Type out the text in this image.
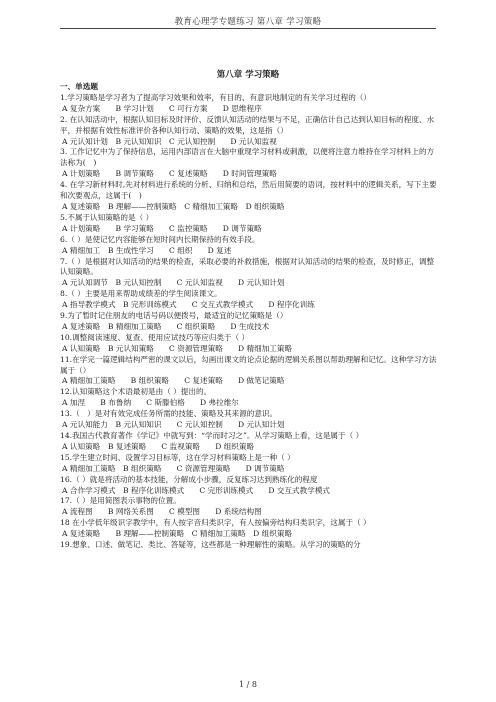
教育心理学专题练习 第八章 学习策略
第八章 学习策略

一、单选题

1.学习策略是学习者为了提高学习效果和效率，有目的、有意识地制定的有关学习过程的（）

A 复杂方案　　B 学习计划　　C 可行方案　　D 思维程序

2. 在认知活动中，根据认知目标及时评价、反馈认知活动的结果与不足，正确估计自己达到认知目标的程度、水平，并根据有效性标准评价各种认知行动、策略的效果，这是指（）

A 元认知计划　B 元认知知识　C 元认知控制　　D 元认知监视

3. 工作记忆中为了保持信息，运用内部语言在大脑中重现学习材料或刺激，以便将注意力维持在学习材料上的方法称为(　)

A 计划策略　　B 调节策略　　C 复述策略　　D 时间管理策略

4. 在学习新材料时,先对材料进行系统的分析、归纳和总结，然后用简要的语词，按材料中的逻辑关系，写下主要和次要观点，这属于(　)

A 复述策略　B 理解——控制策略　C 精细加工策略　D 组织策略

5.不属于认知策略的是（ ）

A 计划策略　　B 学习策略　　C 监控策略　　D 调节策略

6.（ ）是使记忆内容能够在短时间内长期保持的有效手段。

A 精细加工　B 生成性学习　　C 组织　　D 复述

7.（ ）是根据对认知活动的结果的检查，采取必要的补救措施，根据对认知活动的结果的检查，及时修正，调整认知策略。

A 元认知调节　B 元认知控制　　C 元认知监视　　D 元认知计划

8.（ ）主要是用来帮助成绩差的学生阅读课文。

A 指导教学模式　B 完形训练模式　　C 交互式教学模式　　D 程序化训练

9.为了暂时记住朋友的电话号码以便拨号，最适宜的记忆策略是（）

A 复述策略　B 精细加工策略　　C 组织策略　　D 生成技术

10.调整阅读速度、复查、使用应试技巧等应归类于（ ）

A 认知策略　B 元认知策略　　C 资源管理策略　　D 精细加工策略

11.在学完一篇逻辑结构严密的课文以后，勾画出课文的论点论据的逻辑关系图以帮助理解和记忆。这种学习方法属于（）

A 精细加工策略　　B 组织策略　　C 复述策略　　D 做笔记策略

12.认知策略这个术语最初是由（ ）提出的。

A 加涅　　B 布鲁纳　　C 斯滕伯格　　D 弗拉维尔

13.（　）是对有效完成任务所需的技能、策略及其来源的意识。

A 元认知能力　B 元认知知识　　C 元认知控制　　D 元认知计划

14.我国古代教育著作《学记》中就写到：“学而时习之”。从学习策略上看，这是属于（ ）

A 认知策略　B 复述策略　　C 监视策略　　D 组织策略

15.学生建立时间、设置学习目标等，这在学习材料策略上是一种（ ）

A 精细加工策略　B 组织策略　　C 资源管理策略　　D 调节策略

16.（ ）就是将活动的基本技能，分解成小步骤，反复练习达到熟练化的程度

A 合作学习模式　B 程序化训练模式　　C 完形训练模式　　D 交互式教学模式

17.（ ）是用简图表示事物的位置。

A 流程图　　B 网络关系图　　C 模型图　　D 系统结构图

18 在小学低年级识字教学中，有人按字音归类识字，有人按偏旁结构归类识字，这属于（ ）

A 复述策略　　B 理解——控制策略　C 精细加工策略　D 组织策略

19.想象、口述、做笔记、类比、答疑等，这些都是一种理解性的策略。从学习的策略的分

1 / 8
